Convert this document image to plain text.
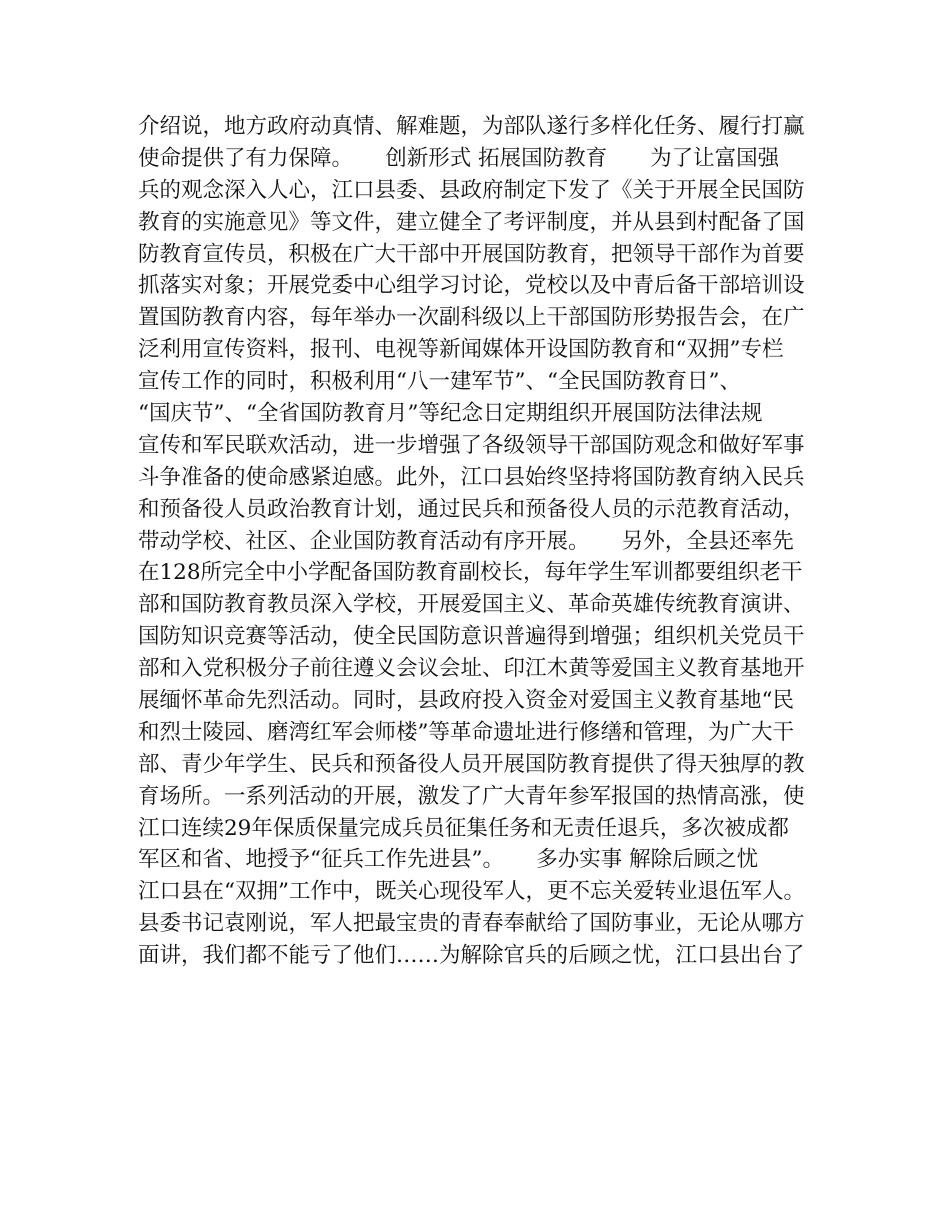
介绍说，地方政府动真情、解难题，为部队遂行多样化任务、履行打赢
使命提供了有力保障。　　创新形式 拓展国防教育　　为了让富国强
兵的观念深入人心，江口县委、县政府制定下发了《关于开展全民国防
教育的实施意见》等文件，建立健全了考评制度，并从县到村配备了国
防教育宣传员，积极在广大干部中开展国防教育，把领导干部作为首要
抓落实对象；开展党委中心组学习讨论，党校以及中青后备干部培训设
置国防教育内容，每年举办一次副科级以上干部国防形势报告会，在广
泛利用宣传资料，报刊、电视等新闻媒体开设国防教育和“双拥”专栏
宣传工作的同时，积极利用“八一建军节”、“全民国防教育日”、
“国庆节”、“全省国防教育月”等纪念日定期组织开展国防法律法规
宣传和军民联欢活动，进一步增强了各级领导干部国防观念和做好军事
斗争准备的使命感紧迫感。此外，江口县始终坚持将国防教育纳入民兵
和预备役人员政治教育计划，通过民兵和预备役人员的示范教育活动，
带动学校、社区、企业国防教育活动有序开展。　　另外，全县还率先
在128所完全中小学配备国防教育副校长，每年学生军训都要组织老干
部和国防教育教员深入学校，开展爱国主义、革命英雄传统教育演讲、
国防知识竞赛等活动，使全民国防意识普遍得到增强；组织机关党员干
部和入党积极分子前往遵义会议会址、印江木黄等爱国主义教育基地开
展缅怀革命先烈活动。同时，县政府投入资金对爱国主义教育基地“民
和烈士陵园、磨湾红军会师楼”等革命遗址进行修缮和管理，为广大干
部、青少年学生、民兵和预备役人员开展国防教育提供了得天独厚的教
育场所。一系列活动的开展，激发了广大青年参军报国的热情高涨，使
江口连续29年保质保量完成兵员征集任务和无责任退兵，多次被成都
军区和省、地授予“征兵工作先进县”。　　多办实事 解除后顾之忧
江口县在“双拥”工作中，既关心现役军人，更不忘关爱转业退伍军人。
县委书记袁刚说，军人把最宝贵的青春奉献给了国防事业，无论从哪方
面讲，我们都不能亏了他们……为解除官兵的后顾之忧，江口县出台了
